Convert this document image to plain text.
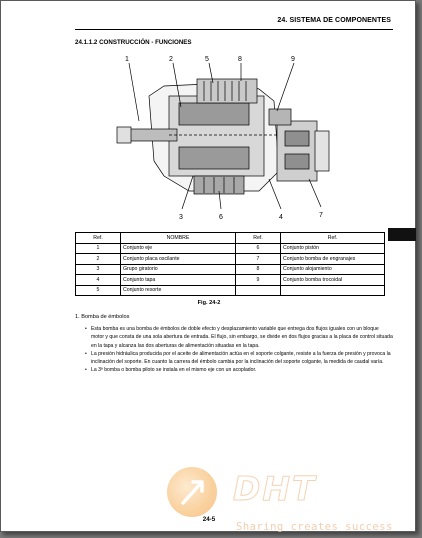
24. SISTEMA DE COMPONENTES
24.1.1.2 CONSTRUCCIÓN - FUNCIONES
1	2	5	8	9
3	6	4	7
Ref.	NOMBRE	Ref.	Ref.
1	Conjunto eje	6	Conjunto pistón
2	Conjunto placa oscilante	7	Conjunto bomba de engranajes
3	Grupo giratorio	8	Conjunto alojamiento
4	Conjunto tapa	9	Conjunto bomba trocoidal
5	Conjunto resorte		
Fig. 24-2
1. Bomba de émbolos
• Esta bomba es una bomba de émbolos de doble efecto y desplazamiento variable que entrega dos flujos iguales con un bloque motor y que consta de una sola abertura de entrada. El flujo, sin embargo, se divide en dos flujos gracias a la placa de control situada en la tapa y alcanza las dos aberturas de alimentación situadas en la tapa.
• La presión hidráulica producida por el aceite de alimentación actúa en el soporte colgante, resiste a la fuerza de presión y provoca la inclinación del soporte. En cuanto la carrera del émbolo cambia por la inclinación del soporte colgante, la medida de caudal varía.
• La 3ª bomba o bomba piloto se instala en el mismo eje con un acoplador.
DHT
24-5
Sharing creates success
